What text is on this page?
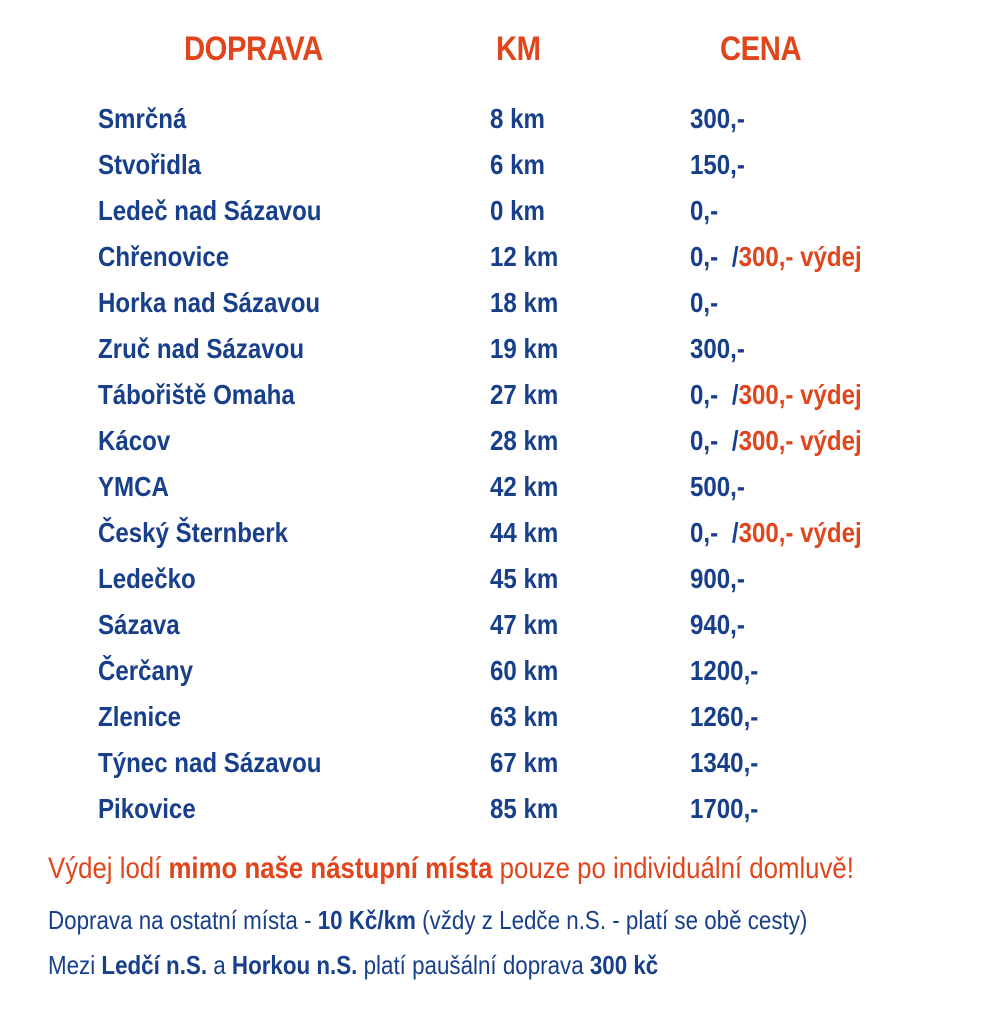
DOPRAVA	KM	CENA
Smrčná	8 km	300,-
Stvořidla	6 km	150,-
Ledeč nad Sázavou	0 km	0,-
Chřenovice	12 km	0,- /300,- výdej
Horka nad Sázavou	18 km	0,-
Zruč nad Sázavou	19 km	300,-
Tábořiště Omaha	27 km	0,- /300,- výdej
Kácov	28 km	0,- /300,- výdej
YMCA	42 km	500,-
Český Šternberk	44 km	0,- /300,- výdej
Ledečko	45 km	900,-
Sázava	47 km	940,-
Čerčany	60 km	1200,-
Zlenice	63 km	1260,-
Týnec nad Sázavou	67 km	1340,-
Pikovice	85 km	1700,-
Výdej lodí mimo naše nástupní místa pouze po individuální domluvě!
Doprava na ostatní místa - 10 Kč/km (vždy z Ledče n.S. - platí se obě cesty)
Mezi Ledčí n.S. a Horkou n.S. platí paušální doprava 300 kč
